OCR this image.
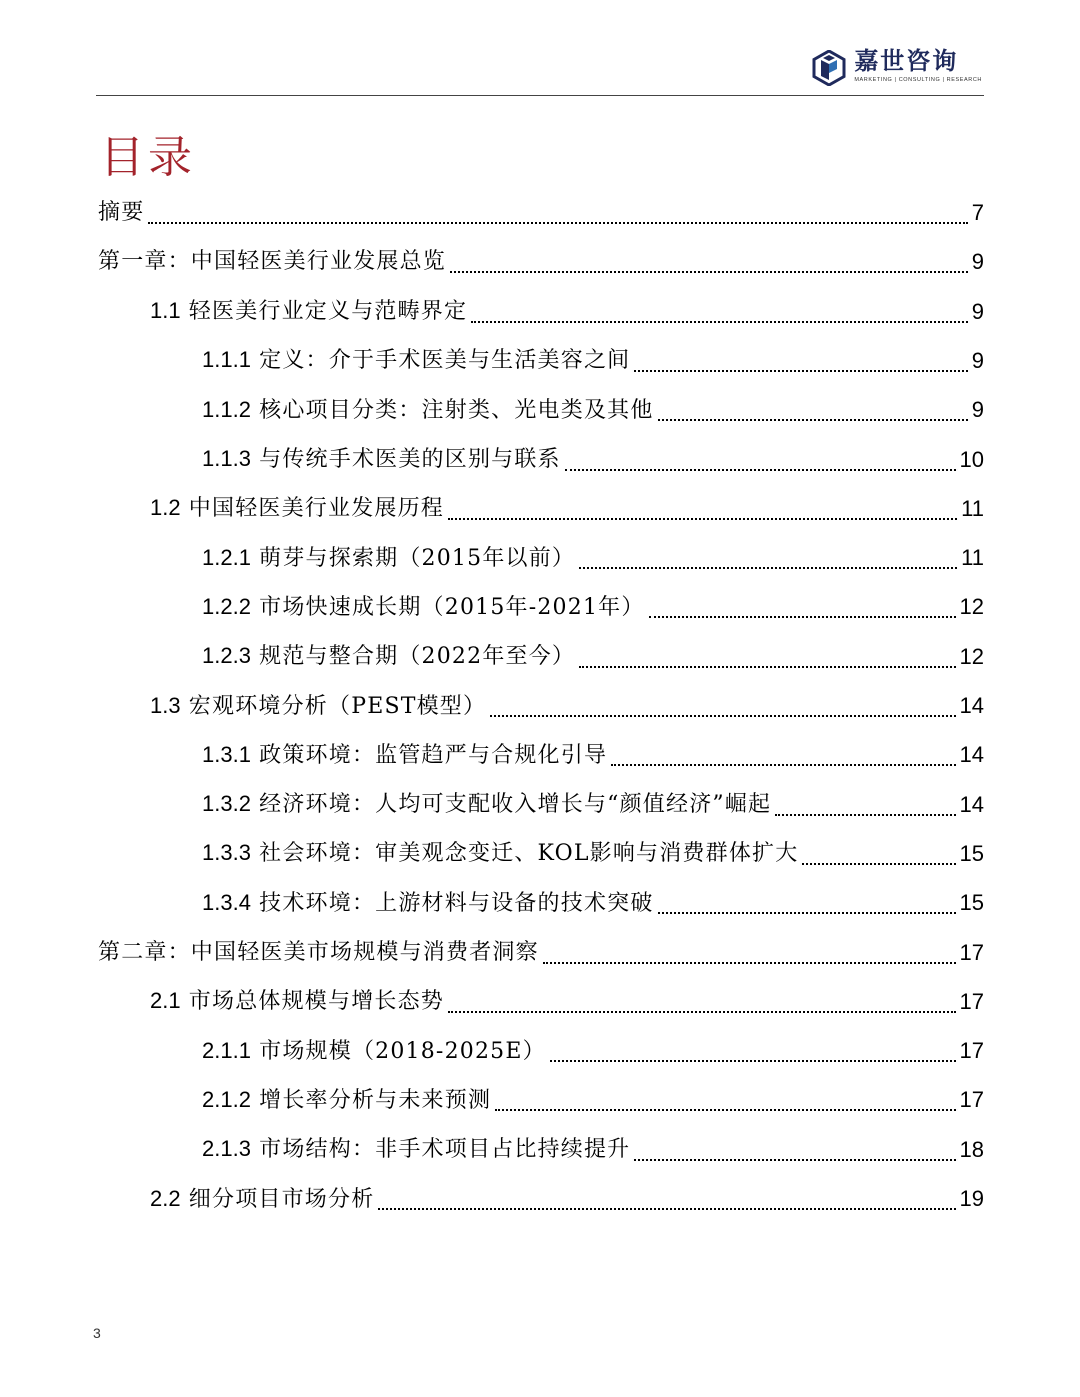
嘉世咨询
MARKETING | CONSULTING | RESEARCH
目录
摘要	7
第一章：中国轻医美行业发展总览	9
1.1 轻医美行业定义与范畴界定	9
1.1.1 定义：介于手术医美与生活美容之间	9
1.1.2 核心项目分类：注射类、光电类及其他	9
1.1.3 与传统手术医美的区别与联系	10
1.2 中国轻医美行业发展历程	11
1.2.1 萌芽与探索期（2015年以前）	11
1.2.2 市场快速成长期（2015年-2021年）	12
1.2.3 规范与整合期（2022年至今）	12
1.3 宏观环境分析（PEST模型）	14
1.3.1 政策环境：监管趋严与合规化引导	14
1.3.2 经济环境：人均可支配收入增长与“颜值经济”崛起	14
1.3.3 社会环境：审美观念变迁、KOL影响与消费群体扩大	15
1.3.4 技术环境：上游材料与设备的技术突破	15
第二章：中国轻医美市场规模与消费者洞察	17
2.1 市场总体规模与增长态势	17
2.1.1 市场规模（2018-2025E）	17
2.1.2 增长率分析与未来预测	17
2.1.3 市场结构：非手术项目占比持续提升	18
2.2 细分项目市场分析	19
3
